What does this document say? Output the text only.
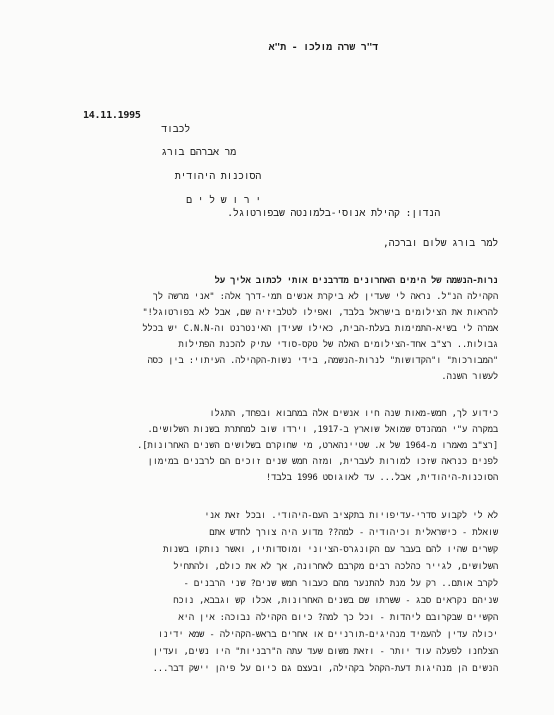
ד"ר שרה מולכו - ת"א
14.11.1995
לכבוד
מר אברהם בורג
הסוכנות היהודית
י ר ו ש ל י ם
הנדון: קהילת אנוסי-בלמונטה שבפורטוגל.
למר בורג שלום וברכה,
נרות-הנשמה של הימים האחרונים מדרבנים אותי לכתוב אליך על
הקהילה הנ"ל. נראה לי שעדין לא ביקרת אנשים תמי-דרך אלה: "אני מרשה לך
להראות את הצילומים בישראל בלבד, ואפילו לטלביזיה שם, אבל לא בפורטוגל!"
אמרה לי בשיא-התמימות בעלת-הבית, כאילו שעידן האינטרנט וה-C.N.N יש בכלל
גבולות.. רצ"ב אחד-הצילומים האלה של טקס-סודי עתיק להכנת הפתילות
"המבורכות" ו"הקדושות" לנרות-הנשמה, בידי נשות-הקהילה. העיתוי: בין כסה
לעשור השנה.
כידוע לך, חמש-מאות שנה חיו אנשים אלה במחבוא ובפחד, התגלו
במקרה ע"י המהנדס שמואל שוארץ ב-1917, וירדו שוב למחתרת בשנות השלושים.
[רצ"ב מאמרו מ-1964 של א. שטיינהארט, מי שחוקרם בשלושים השנים האחרונות].
לפנים כנראה שזכו למורות לעברית, ומזה חמש שנים זוכים הם לרבנים במימון
הסוכנות-היהודית, אבל... עד לאוגוסט 1996 בלבד!
לא לי לקבוע סדרי-עדיפויות בתקציב העם-היהודי. ובכל זאת אני
שואלת - כישראלית וכיהודיה - למה?? מדוע היה צורך לחדש אתם
קשרים שהיו להם בעבר עם הקונגרס-הציוני ומוסדותיו, ואשר נותקו בשנות
השלושים, לגייר כהלכה רבים מקרבם לאחרונה, אך לא את כולם, ולהתחיל
לקרב אותם.. רק על מנת להתנער מהם כעבור חמש שנים? שני הרבנים -
שניהם נקראים סבג - ששרתו שם בשנים האחרונות, אכלו קש וגבבא, נוכח
הקשיים שבקרובם ליהדות - וכל כך למה? כיום הקהילה נבוכה: אין היא
יכולה עדין להעמיד מנהיגים-תורניים או אחרים בראש-הקהילה - שמא ידינו
הצלחנו לפעלה עוד יותר - וזאת משום שעד עתה ה"רבניות" היו נשים, ועדין
הנשים הן מנהיגות דעת-הקהל בקהילה, ובעצם גם כיום על פיהן יישק דבר...
